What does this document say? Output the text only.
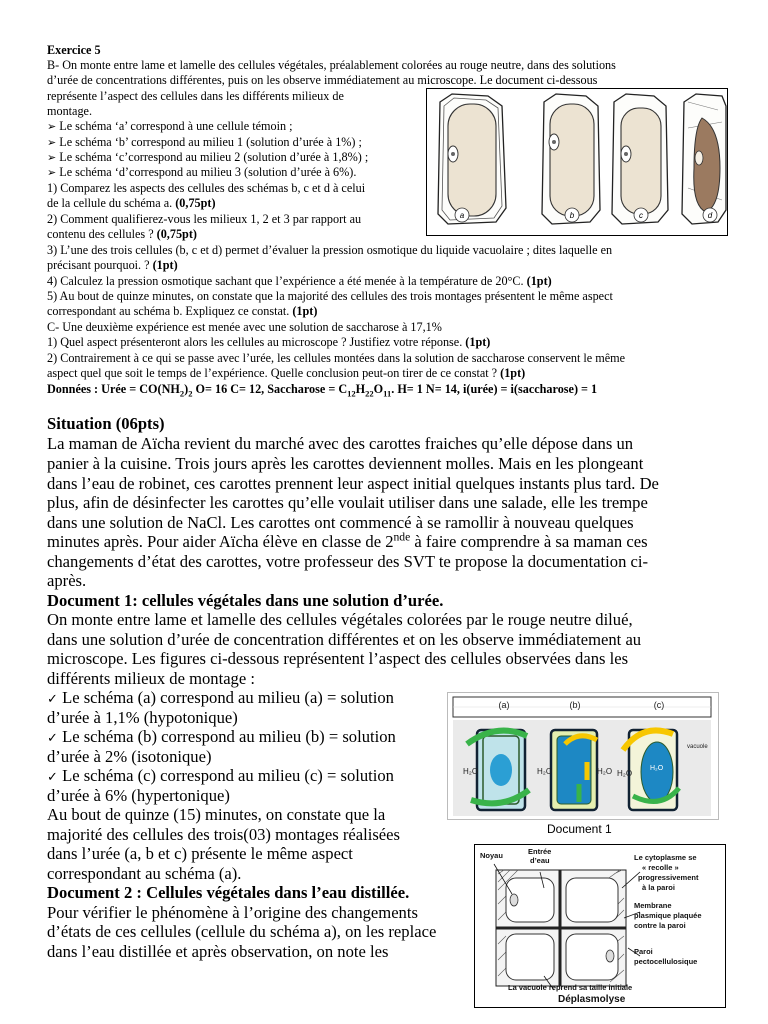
Exercice 5
B- On monte entre lame et lamelle des cellules végétales, préalablement colorées au rouge neutre, dans des solutions
d’urée de concentrations différentes, puis on les observe immédiatement au microscope. Le document ci-dessous
représente l’aspect des cellules dans les différents milieux de
montage.
➢ Le schéma ‘a’ correspond à une cellule témoin ;
➢ Le schéma ‘b’ correspond au milieu 1 (solution d’urée à 1%) ;
➢ Le schéma ‘c’correspond au milieu 2 (solution d’urée à 1,8%) ;
➢ Le schéma ‘d’correspond au milieu 3 (solution d’urée à 6%).
1) Comparez les aspects des cellules des schémas b, c et d à celui
de la cellule du schéma a. (0,75pt)
2) Comment qualifierez-vous les milieux 1, 2 et 3 par rapport au
contenu des cellules ? (0,75pt)
3) L’une des trois cellules (b, c et d) permet d’évaluer la pression osmotique du liquide vacuolaire ; dites laquelle en
précisant pourquoi. ? (1pt)
4) Calculez la pression osmotique sachant que l’expérience a été menée à la température de 20°C. (1pt)
5) Au bout de quinze minutes, on constate que la majorité des cellules des trois montages présentent le même aspect
correspondant au schéma b. Expliquez ce constat. (1pt)
C- Une deuxième expérience est menée avec une solution de saccharose à 17,1%
1) Quel aspect présenteront alors les cellules au microscope ? Justifiez votre réponse. (1pt)
2) Contrairement à ce qui se passe avec l’urée, les cellules montées dans la solution de saccharose conservent le même
aspect quel que soit le temps de l’expérience. Quelle conclusion peut-on tirer de ce constat ? (1pt)
Données : Urée = $CO(NH_2)_2$ O= 16 C= 12, Saccharose = $C_{12}H_{22}O_{11}$. H= 1 N= 14, i(urée) = i(saccharose) = 1
a	b	c	d
Situation (06pts)
La maman de Aïcha revient du marché avec des carottes fraiches qu’elle dépose dans un
panier à la cuisine. Trois jours après les carottes deviennent molles. Mais en les plongeant
dans l’eau de robinet, ces carottes prennent leur aspect initial quelques instants plus tard. De
plus, afin de désinfecter les carottes qu’elle voulait utiliser dans une salade, elle les trempe
dans une solution de NaCl. Les carottes ont commencé à se ramollir à nouveau quelques
minutes après. Pour aider Aïcha élève en classe de 2nde à faire comprendre à sa maman ces
changements d’état des carottes, votre professeur des SVT te propose la documentation ci-
après.
Document 1: cellules végétales dans une solution d’urée.
On monte entre lame et lamelle des cellules végétales colorées par le rouge neutre dilué,
dans une solution d’urée de concentration différentes et on les observe immédiatement au
microscope. Les figures ci-dessous représentent l’aspect des cellules observées dans les
différents milieux de montage :
✓ Le schéma (a) correspond au milieu (a) = solution
d’urée à 1,1% (hypotonique)
✓ Le schéma (b) correspond au milieu (b) = solution
d’urée à 2% (isotonique)
✓ Le schéma (c) correspond au milieu (c) = solution
d’urée à 6% (hypertonique)
Au bout de quinze (15) minutes, on constate que la
majorité des cellules des trois(03) montages réalisées
dans l’urée (a, b et c) présente le même aspect
correspondant au schéma (a).
(a)	(b)	(c)
H₂O	H₂O	H₂O H₂O
H₂O
vacuole
Document 1
Document 2 : Cellules végétales dans l’eau distillée.
Pour vérifier le phénomène à l’origine des changements
d’états de ces cellules (cellule du schéma a), on les replace
dans l’eau distillée et après observation, on note les
Noyau	Entrée
d’eau	Le cytoplasme se
« recolle »
progressivement
à la paroi
Membrane
plasmique plaquée
contre la paroi
Paroi
pectocellulosique
La vacuole reprend sa taille initiale
Déplasmolyse
